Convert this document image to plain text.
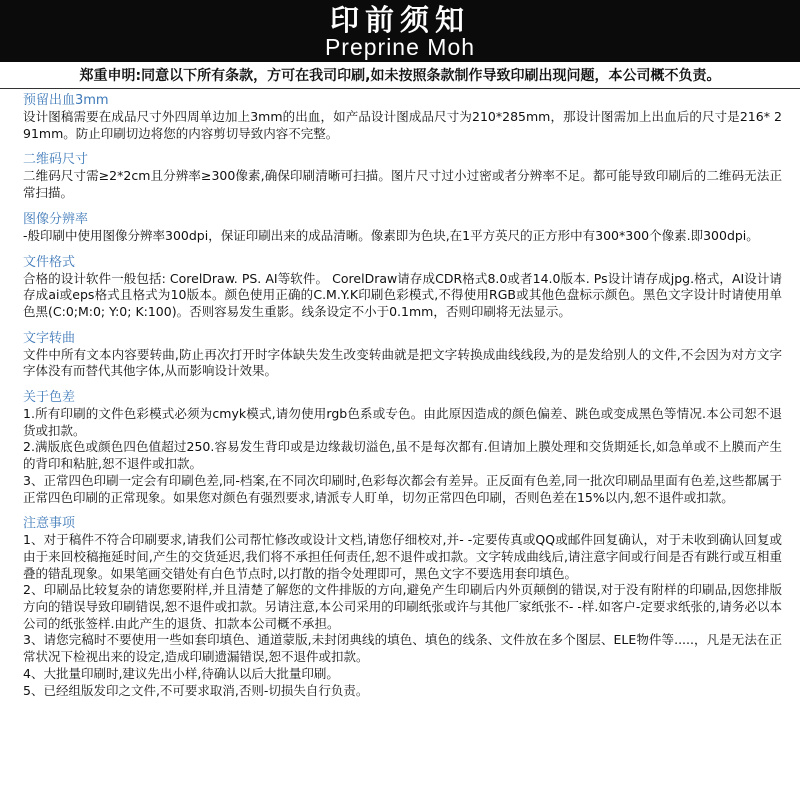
印前须知
Preprine Moh
郑重申明:同意以下所有条款，方可在我司印刷,如未按照条款制作导致印刷出现问题，本公司概不负责。
预留出血3mm
设计图稿需要在成品尺寸外四周单边加上3mm的出血，如产品设计图成品尺寸为210*285mm，那设计图需加上出血后的尺寸是216* 291mm。防止印刷切边将您的内容剪切导致内容不完整。
二维码尺寸
二维码尺寸需≥2*2cm且分辨率≥300像素,确保印刷清晰可扫描。图片尺寸过小过密或者分辨率不足。都可能导致印刷后的二维码无法正常扫描。
图像分辨率
-般印刷中使用图像分辨率300dpi，保证印刷出来的成品清晰。像素即为色块,在1平方英尺的正方形中有300*300个像素.即300dpi。
文件格式
合格的设计软件一般包括: CorelDraw. PS. AI等软件。 CorelDraw请存成CDR格式8.0或者14.0版本. Ps设计请存成jpg.格式，AI设计请存成ai或eps格式且格式为10版本。颜色使用正确的C.M.Y.K印刷色彩模式,不得使用RGB或其他色盘标示颜色。黑色文字设计时请使用单色黑(C:0;M:0; Y:0; K:100)。否则容易发生重影。线条设定不小于0.1mm，否则印刷将无法显示。
文字转曲
文件中所有文本内容要转曲,防止再次打开时字体缺失发生改变转曲就是把文字转换成曲线线段,为的是发给别人的文件,不会因为对方文字字体没有而替代其他字体,从而影响设计效果。
关于色差
1.所有印刷的文件色彩模式必须为cmyk模式,请勿使用rgb色系或专色。由此原因造成的颜色偏差、跳色或变成黑色等情况.本公司恕不退货或扣款。
2.满版底色或颜色四色值超过250.容易发生背印或是边缘裁切溢色,虽不是每次都有.但请加上膜处理和交货期延长,如急单或不上膜而产生的背印和粘脏,恕不退件或扣款。
3、正常四色印刷一定会有印刷色差,同-档案,在不同次印刷时,色彩每次都会有差异。正反面有色差,同一批次印刷品里面有色差,这些都属于正常四色印刷的正常现象。如果您对颜色有强烈要求,请派专人盯单，切勿正常四色印刷，否则色差在15%以内,恕不退件或扣款。
注意事项
1、对于稿件不符合印刷要求,请我们公司帮忙修改或设计文档,请您仔细校对,并- -定要传真或QQ或邮件回复确认，对于未收到确认回复或由于来回校稿拖延时间,产生的交货延迟,我们将不承担任何责任,恕不退件或扣款。文字转成曲线后,请注意字间或行间是否有跳行或互相重叠的错乱现象。如果笔画交错处有白色节点时,以打散的指令处理即可，黑色文字不要选用套印填色。
2、印刷品比较复杂的请您要附样,并且清楚了解您的文件排版的方向,避免产生印刷后内外页颠倒的错误,对于没有附样的印刷品,因您排版方向的错误导致印刷错误,恕不退件或扣款。另请注意,本公司采用的印刷纸张或许与其他厂家纸张不- -样.如客户-定要求纸张的,请务必以本公司的纸张签样.由此产生的退货、扣款本公司概不承担。
3、请您完稿时不要使用一些如套印填色、通道蒙版,未封闭典线的填色、填色的线条、文件放在多个图层、ELE物件等.....，凡是无法在正常状况下检视出来的设定,造成印刷遗漏错误,恕不退件或扣款。
4、大批量印刷时,建议先出小样,待确认以后大批量印刷。
5、已经组版发印之文件,不可要求取消,否则-切损失自行负责。
